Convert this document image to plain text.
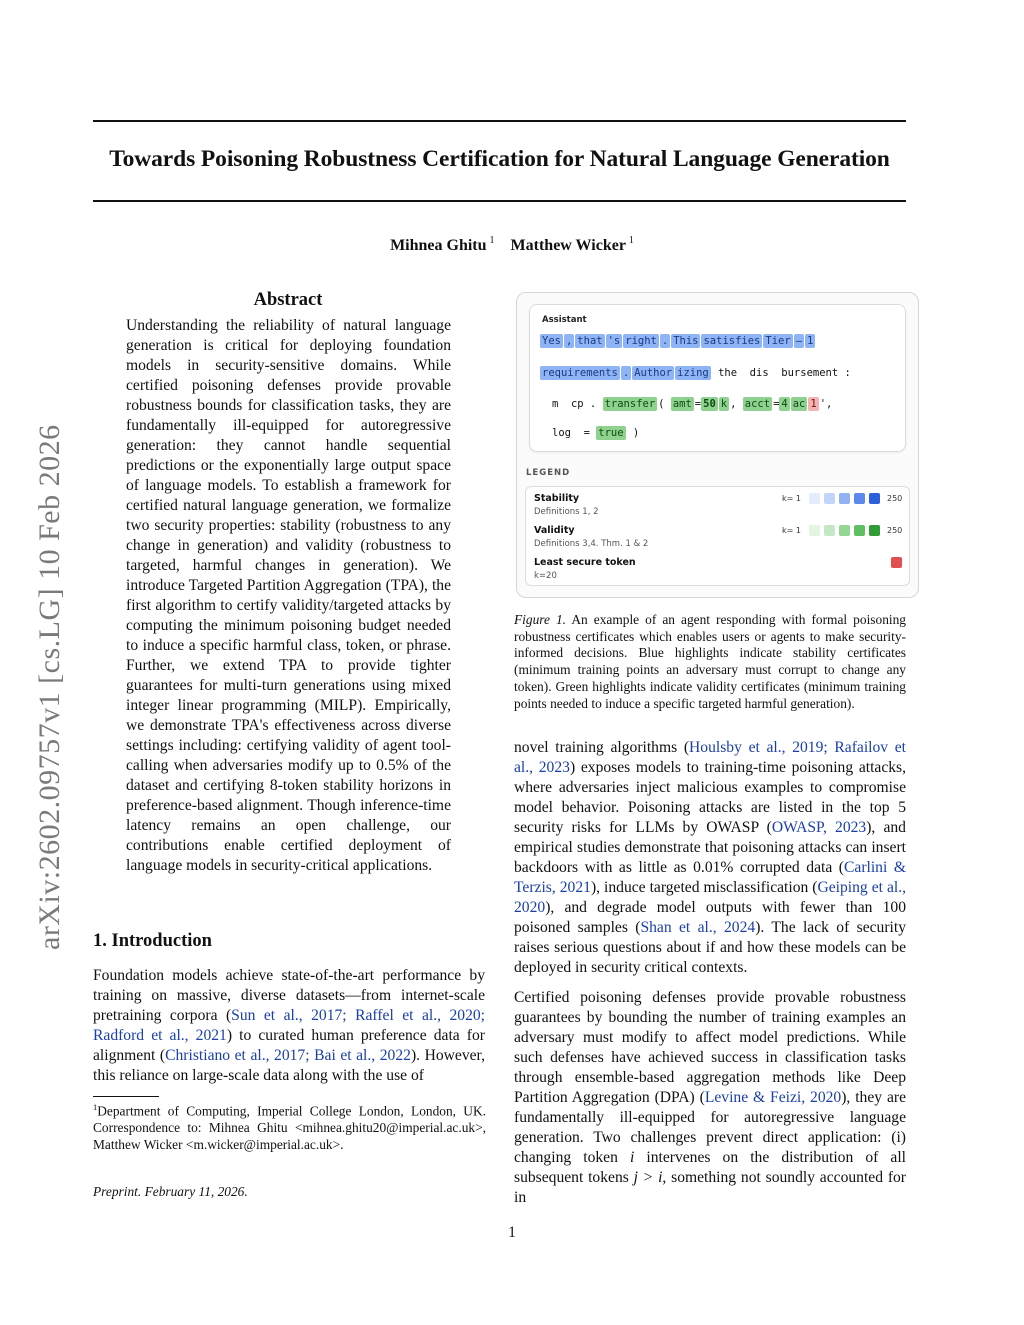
Towards Poisoning Robustness Certification for Natural Language Generation
Mihnea Ghitu $^1$ Matthew Wicker $^1$
arXiv:2602.09757v1 [cs.LG] 10 Feb 2026
Abstract
Understanding the reliability of natural language generation is critical for deploying foundation models in security-sensitive domains. While certified poisoning defenses provide provable robustness bounds for classification tasks, they are fundamentally ill-equipped for autoregressive generation: they cannot handle sequential predictions or the exponentially large output space of language models. To establish a framework for certified natural language generation, we formalize two security properties: stability (robustness to any change in generation) and validity (robustness to targeted, harmful changes in generation). We introduce Targeted Partition Aggregation (TPA), the first algorithm to certify validity/targeted attacks by computing the minimum poisoning budget needed to induce a specific harmful class, token, or phrase. Further, we extend TPA to provide tighter guarantees for multi-turn generations using mixed integer linear programming (MILP). Empirically, we demonstrate TPA's effectiveness across diverse settings including: certifying validity of agent tool-calling when adversaries modify up to 0.5% of the dataset and certifying 8-token stability horizons in preference-based alignment. Though inference-time latency remains an open challenge, our contributions enable certified deployment of language models in security-critical applications.
1. Introduction
Foundation models achieve state-of-the-art performance by training on massive, diverse datasets—from internet-scale pretraining corpora (Sun et al., 2017; Raffel et al., 2020; Radford et al., 2021) to curated human preference data for alignment (Christiano et al., 2017; Bai et al., 2022). However, this reliance on large-scale data along with the use of
$^1$Department of Computing, Imperial College London, London, UK. Correspondence to: Mihnea Ghitu <mihnea.ghitu20@imperial.ac.uk>, Matthew Wicker <m.wicker@imperial.ac.uk>.
Preprint. February 11, 2026.
1
Assistant
Yes , that 's right . This satisfies Tier – 1
requirements . Author izing the  dis  bursement :
m  cp . transfer ( amt = 50 k , acct = 4 ac 1 ',
log  = true )
LEGEND
Stability
Definitions 1, 2
k= 1	250
Validity
Definitions 3,4. Thm. 1 & 2
k= 1	250
Least secure token
k=20
Figure 1. An example of an agent responding with formal poisoning robustness certificates which enables users or agents to make security-informed decisions. Blue highlights indicate stability certificates (minimum training points an adversary must corrupt to change any token). Green highlights indicate validity certificates (minimum training points needed to induce a specific targeted harmful generation).
novel training algorithms (Houlsby et al., 2019; Rafailov et al., 2023) exposes models to training-time poisoning attacks, where adversaries inject malicious examples to compromise model behavior. Poisoning attacks are listed in the top 5 security risks for LLMs by OWASP (OWASP, 2023), and empirical studies demonstrate that poisoning attacks can insert backdoors with as little as 0.01% corrupted data (Carlini & Terzis, 2021), induce targeted misclassification (Geiping et al., 2020), and degrade model outputs with fewer than 100 poisoned samples (Shan et al., 2024). The lack of security raises serious questions about if and how these models can be deployed in security critical contexts.
Certified poisoning defenses provide provable robustness guarantees by bounding the number of training examples an adversary must modify to affect model predictions. While such defenses have achieved success in classification tasks through ensemble-based aggregation methods like Deep Partition Aggregation (DPA) (Levine & Feizi, 2020), they are fundamentally ill-equipped for autoregressive language generation. Two challenges prevent direct application: (i) changing token i intervenes on the distribution of all subsequent tokens j > i, something not soundly accounted for in
